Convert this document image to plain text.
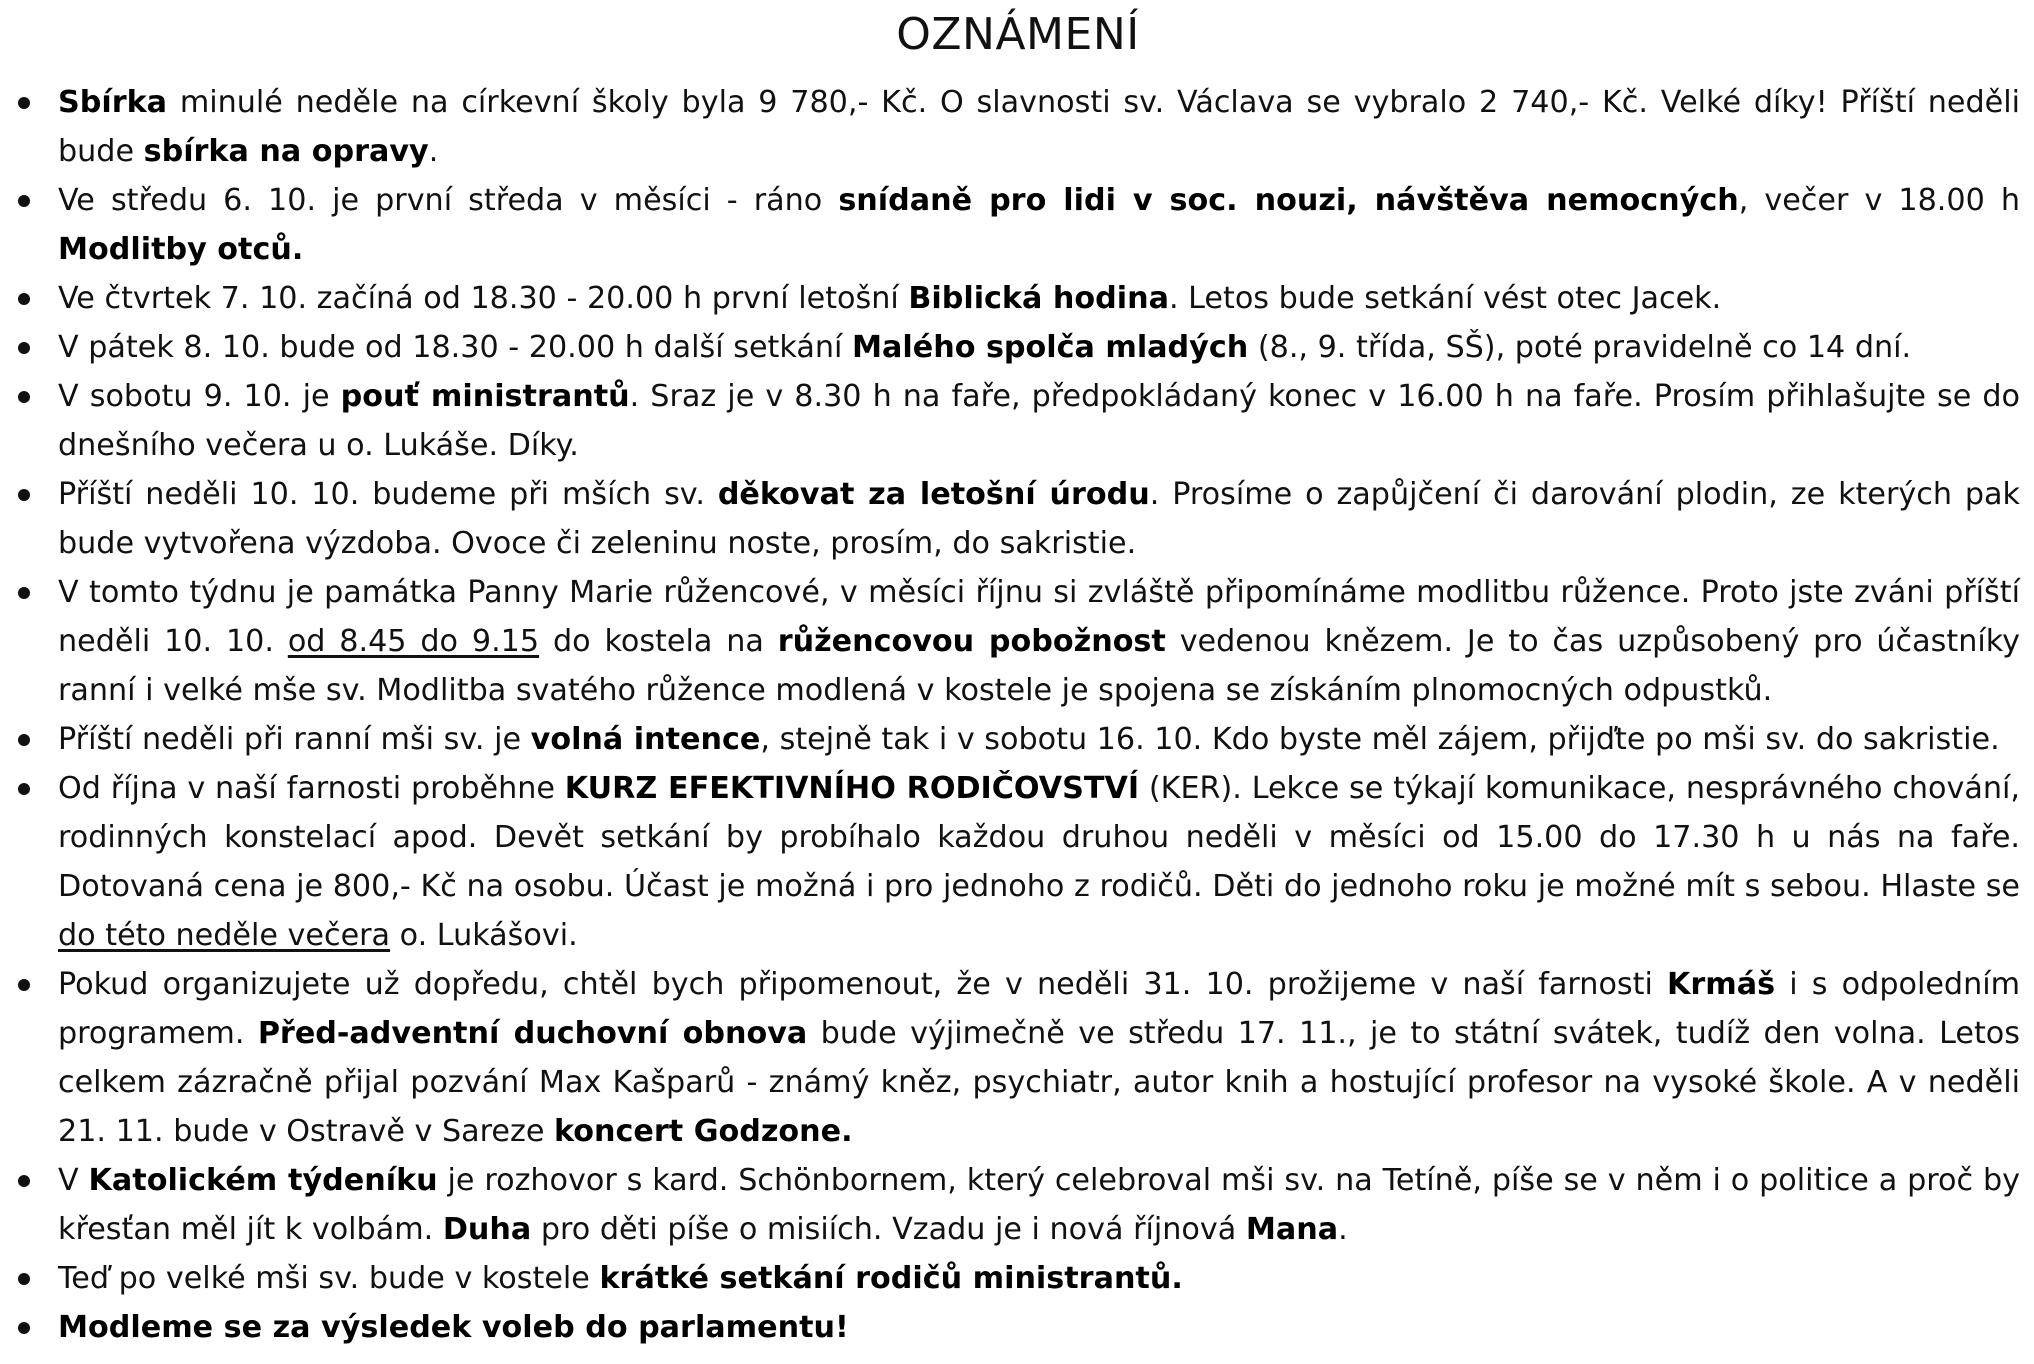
OZNÁMENÍ
Sbírka minulé neděle na církevní školy byla 9 780,- Kč. O slavnosti sv. Václava se vybralo 2 740,- Kč. Velké díky! Příští neděli bude sbírka na opravy.
Ve středu 6. 10. je první středa v měsíci - ráno snídaně pro lidi v soc. nouzi, návštěva nemocných, večer v 18.00 h Modlitby otců.
Ve čtvrtek 7. 10. začíná od 18.30 - 20.00 h první letošní Biblická hodina. Letos bude setkání vést otec Jacek.
V pátek 8. 10. bude od 18.30 - 20.00 h další setkání Malého spolča mladých (8., 9. třída, SŠ), poté pravidelně co 14 dní.
V sobotu 9. 10. je pouť ministrantů. Sraz je v 8.30 h na faře, předpokládaný konec v 16.00 h na faře. Prosím přihlašujte se do dnešního večera u o. Lukáše. Díky.
Příští neděli 10. 10. budeme při mších sv. děkovat za letošní úrodu. Prosíme o zapůjčení či darování plodin, ze kterých pak bude vytvořena výzdoba. Ovoce či zeleninu noste, prosím, do sakristie.
V tomto týdnu je památka Panny Marie růžencové, v měsíci říjnu si zvláště připomínáme modlitbu růžence. Proto jste zváni příští neděli 10. 10. od 8.45 do 9.15 do kostela na růžencovou pobožnost vedenou knězem. Je to čas uzpůsobený pro účastníky ranní i velké mše sv. Modlitba svatého růžence modlená v kostele je spojena se získáním plnomocných odpustků.
Příští neděli při ranní mši sv. je volná intence, stejně tak i v sobotu 16. 10. Kdo byste měl zájem, přijďte po mši sv. do sakristie.
Od října v naší farnosti proběhne KURZ EFEKTIVNÍHO RODIČOVSTVÍ (KER). Lekce se týkají komunikace, nesprávného chování, rodinných konstelací apod. Devět setkání by probíhalo každou druhou neděli v měsíci od 15.00 do 17.30 h u nás na faře. Dotovaná cena je 800,- Kč na osobu. Účast je možná i pro jednoho z rodičů. Děti do jednoho roku je možné mít s sebou. Hlaste se do této neděle večera o. Lukášovi.
Pokud organizujete už dopředu, chtěl bych připomenout, že v neděli 31. 10. prožijeme v naší farnosti Krmáš i s odpoledním programem. Před-adventní duchovní obnova bude výjimečně ve středu 17. 11., je to státní svátek, tudíž den volna. Letos celkem zázračně přijal pozvání Max Kašparů - známý kněz, psychiatr, autor knih a hostující profesor na vysoké škole. A v neděli 21. 11. bude v Ostravě v Sareze koncert Godzone.
V Katolickém týdeníku je rozhovor s kard. Schönbornem, který celebroval mši sv. na Tetíně, píše se v něm i o politice a proč by křesťan měl jít k volbám. Duha pro děti píše o misiích. Vzadu je i nová říjnová Mana.
Teď po velké mši sv. bude v kostele krátké setkání rodičů ministrantů.
Modleme se za výsledek voleb do parlamentu!
